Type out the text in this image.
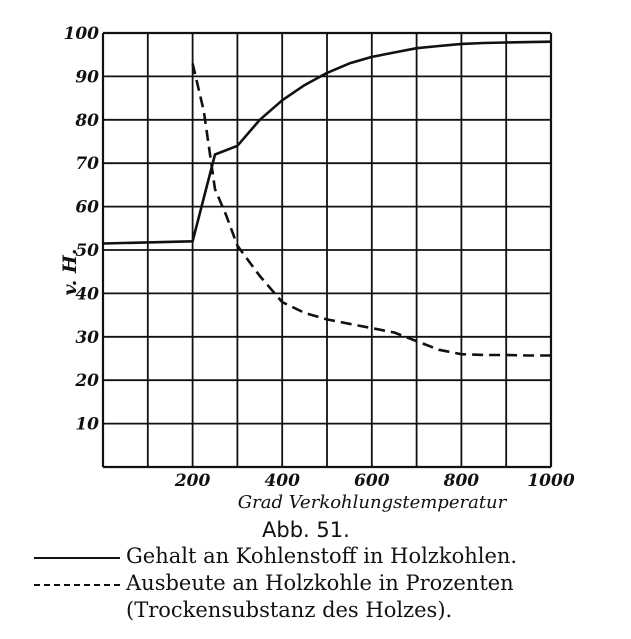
10
20
30
40
50
60
70
80
90
100
200	400	600	800	1000
v. H.
Grad Verkohlungstemperatur
Abb. 51.
Gehalt an Kohlenstoff in Holzkohlen.
Ausbeute an Holzkohle in Prozenten
(Trockensubstanz des Holzes).
